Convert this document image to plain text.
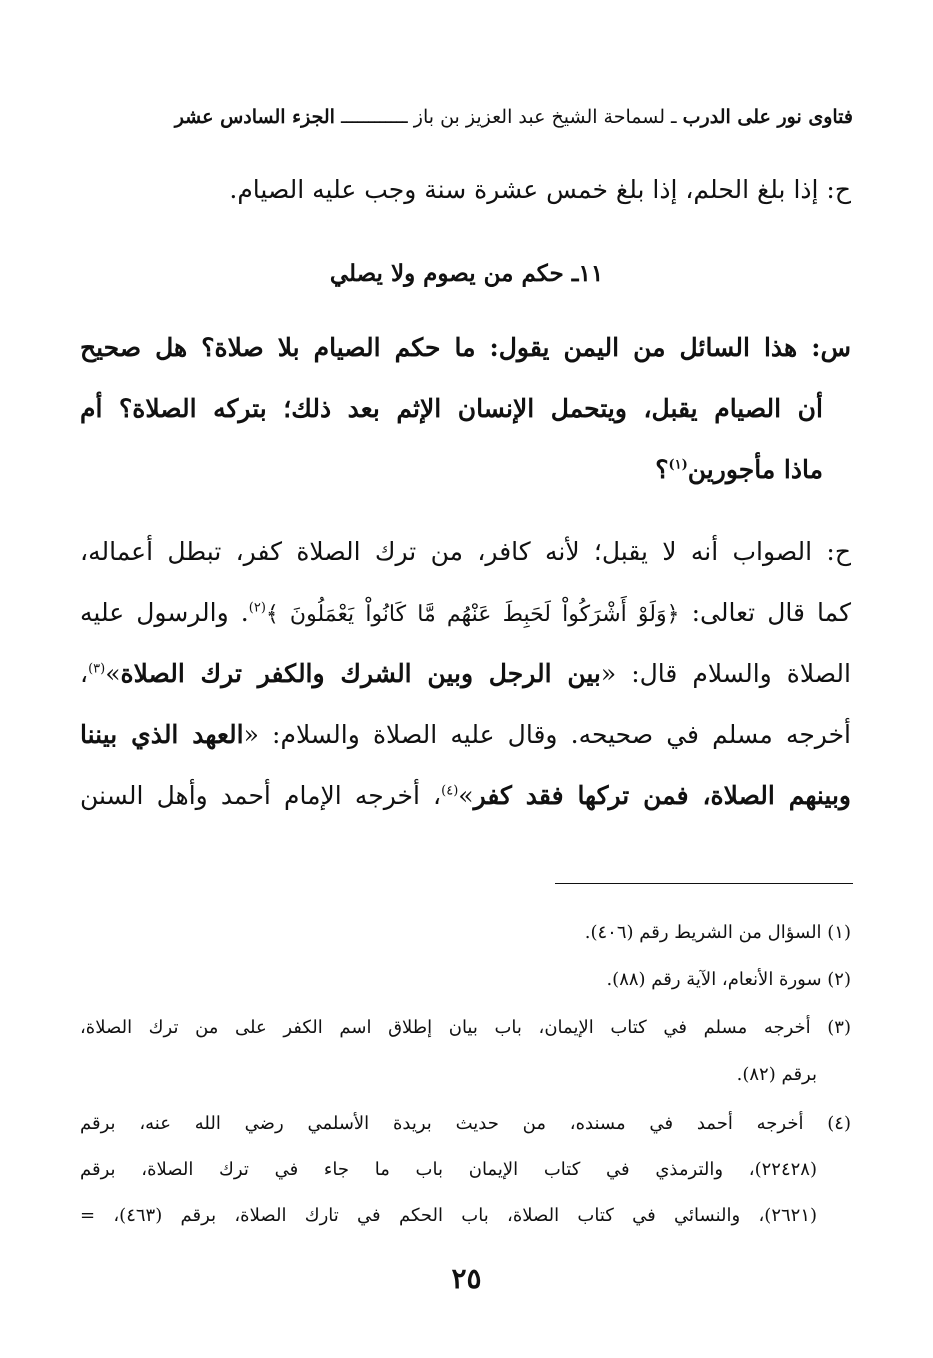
فتاوى نور على الدرب ـ لسماحة الشيخ عبد العزيز بن باز ــــــــــــ الجزء السادس عشر
ح: إذا بلغ الحلم، إذا بلغ خمس عشرة سنة وجب عليه الصيام.
١١ـ حكم من يصوم ولا يصلي
س: هذا السائل من اليمن يقول: ما حكم الصيام بلا صلاة؟ هل صحيح
أن الصيام يقبل، ويتحمل الإنسان الإثم بعد ذلك؛ بتركه الصلاة؟ أم
ماذا مأجورين$^{(١)}$؟
ح: الصواب أنه لا يقبل؛ لأنه كافر، من ترك الصلاة كفر، تبطل أعماله،
كما قال تعالى: ﴿وَلَوْ أَشْرَكُواْ لَحَبِطَ عَنْهُم مَّا كَانُواْ يَعْمَلُونَ ﴾$^{(٢)}$. والرسول عليه
الصلاة والسلام قال: «بين الرجل وبين الشرك والكفر ترك الصلاة»$^{(٣)}$،
أخرجه مسلم في صحيحه. وقال عليه الصلاة والسلام: «العهد الذي بيننا
وبينهم الصلاة، فمن تركها فقد كفر»$^{(٤)}$، أخرجه الإمام أحمد وأهل السنن
(١) السؤال من الشريط رقم (٤٠٦).
(٢) سورة الأنعام، الآية رقم (٨٨).
(٣) أخرجه مسلم في كتاب الإيمان، باب بيان إطلاق اسم الكفر على من ترك الصلاة،
برقم (٨٢).
(٤) أخرجه أحمد في مسنده، من حديث بريدة الأسلمي رضي الله عنه، برقم
(٢٢٤٢٨)، والترمذي في كتاب الإيمان باب ما جاء في ترك الصلاة، برقم
(٢٦٢١)، والنسائي في كتاب الصلاة، باب الحكم في تارك الصلاة، برقم (٤٦٣)، =
٢٥
